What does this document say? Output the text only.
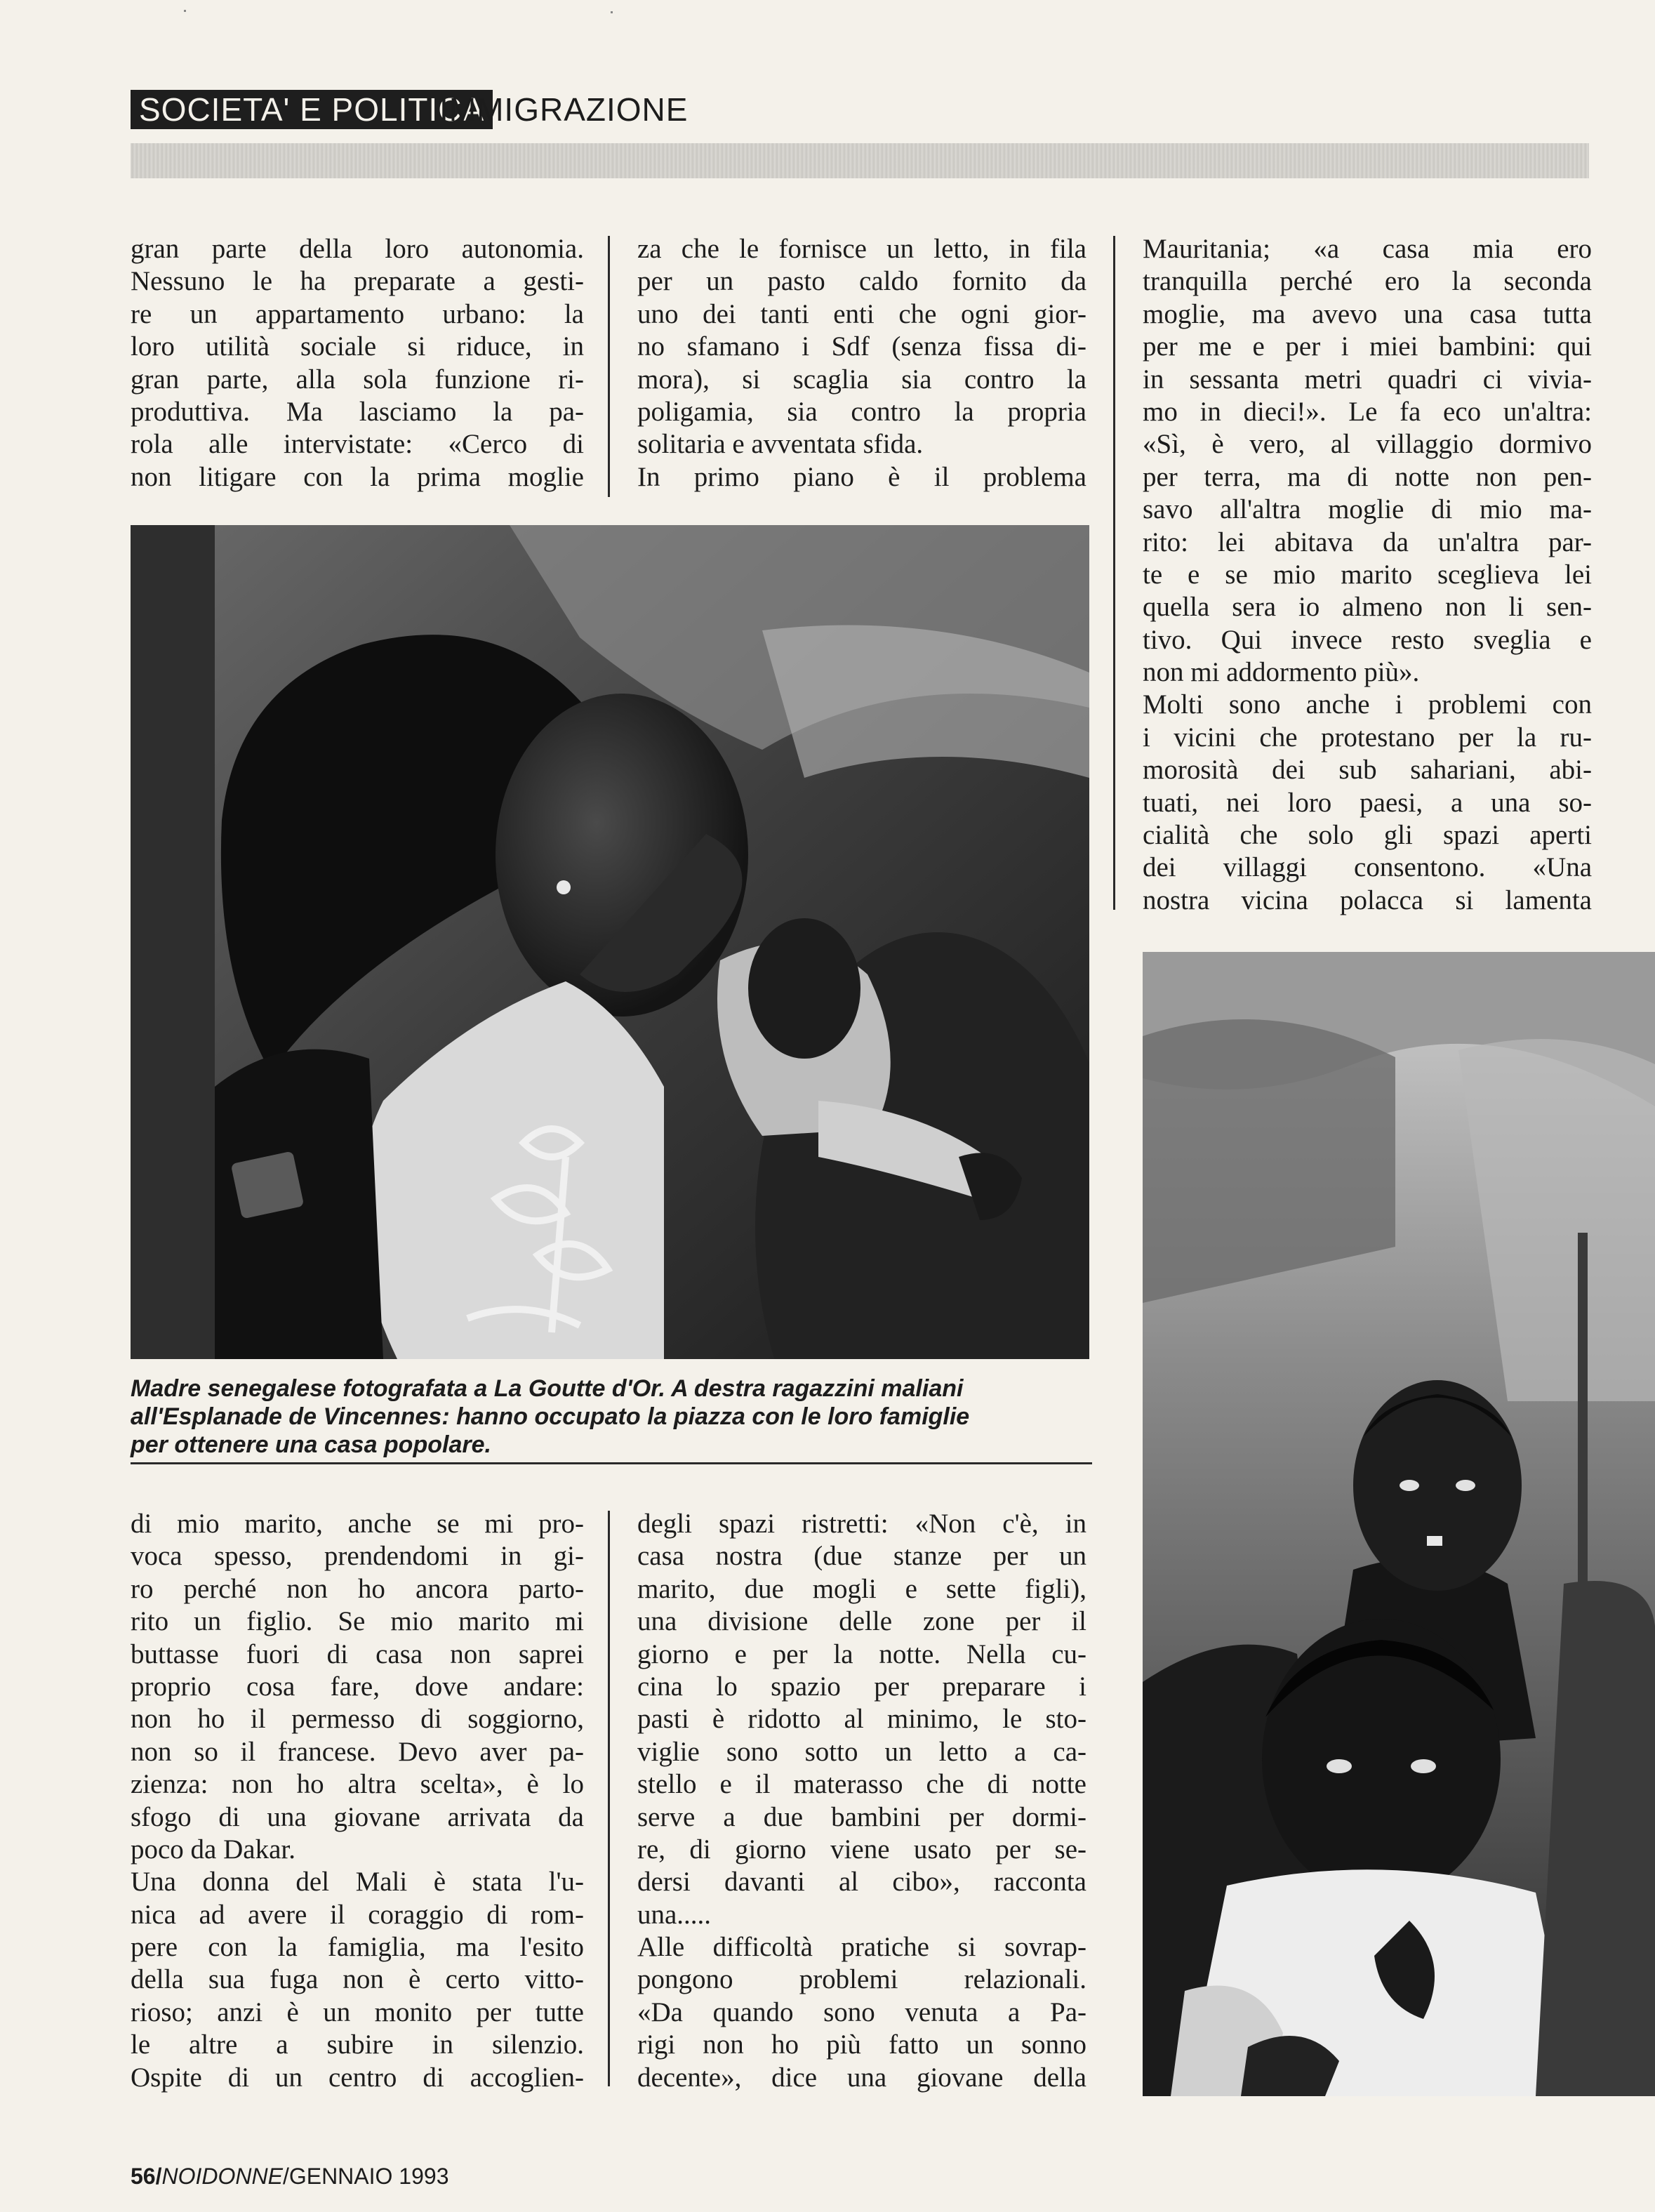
SOCIETA' E POLITICA
IMMIGRAZIONE
gran parte della loro autonomia.
Nessuno le ha preparate a gesti-
re un appartamento urbano: la
loro utilità sociale si riduce, in
gran parte, alla sola funzione ri-
produttiva. Ma lasciamo la pa-
rola alle intervistate: «Cerco di
non litigare con la prima moglie
za che le fornisce un letto, in fila
per un pasto caldo fornito da
uno dei tanti enti che ogni gior-
no sfamano i Sdf (senza fissa di-
mora), si scaglia sia contro la
poligamia, sia contro la propria
solitaria e avventata sfida.
In primo piano è il problema
Mauritania; «a casa mia ero
tranquilla perché ero la seconda
moglie, ma avevo una casa tutta
per me e per i miei bambini: qui
in sessanta metri quadri ci vivia-
mo in dieci!». Le fa eco un'altra:
«Sì, è vero, al villaggio dormivo
per terra, ma di notte non pen-
savo all'altra moglie di mio ma-
rito: lei abitava da un'altra par-
te e se mio marito sceglieva lei
quella sera io almeno non li sen-
tivo. Qui invece resto sveglia e
non mi addormento più».
Molti sono anche i problemi con
i vicini che protestano per la ru-
morosità dei sub sahariani, abi-
tuati, nei loro paesi, a una so-
cialità che solo gli spazi aperti
dei villaggi consentono. «Una
nostra vicina polacca si lamenta
Madre senegalese fotografata a La Goutte d'Or. A destra ragazzini maliani
all'Esplanade de Vincennes: hanno occupato la piazza con le loro famiglie
per ottenere una casa popolare.
di mio marito, anche se mi pro-
voca spesso, prendendomi in gi-
ro perché non ho ancora parto-
rito un figlio. Se mio marito mi
buttasse fuori di casa non saprei
proprio cosa fare, dove andare:
non ho il permesso di soggiorno,
non so il francese. Devo aver pa-
zienza: non ho altra scelta», è lo
sfogo di una giovane arrivata da
poco da Dakar.
Una donna del Mali è stata l'u-
nica ad avere il coraggio di rom-
pere con la famiglia, ma l'esito
della sua fuga non è certo vitto-
rioso; anzi è un monito per tutte
le altre a subire in silenzio.
Ospite di un centro di accoglien-
degli spazi ristretti: «Non c'è, in
casa nostra (due stanze per un
marito, due mogli e sette figli),
una divisione delle zone per il
giorno e per la notte. Nella cu-
cina lo spazio per preparare i
pasti è ridotto al minimo, le sto-
viglie sono sotto un letto a ca-
stello e il materasso che di notte
serve a due bambini per dormi-
re, di giorno viene usato per se-
dersi davanti al cibo», racconta
una.....
Alle difficoltà pratiche si sovrap-
pongono problemi relazionali.
«Da quando sono venuta a Pa-
rigi non ho più fatto un sonno
decente», dice una giovane della
56/NOIDONNE/GENNAIO 1993
